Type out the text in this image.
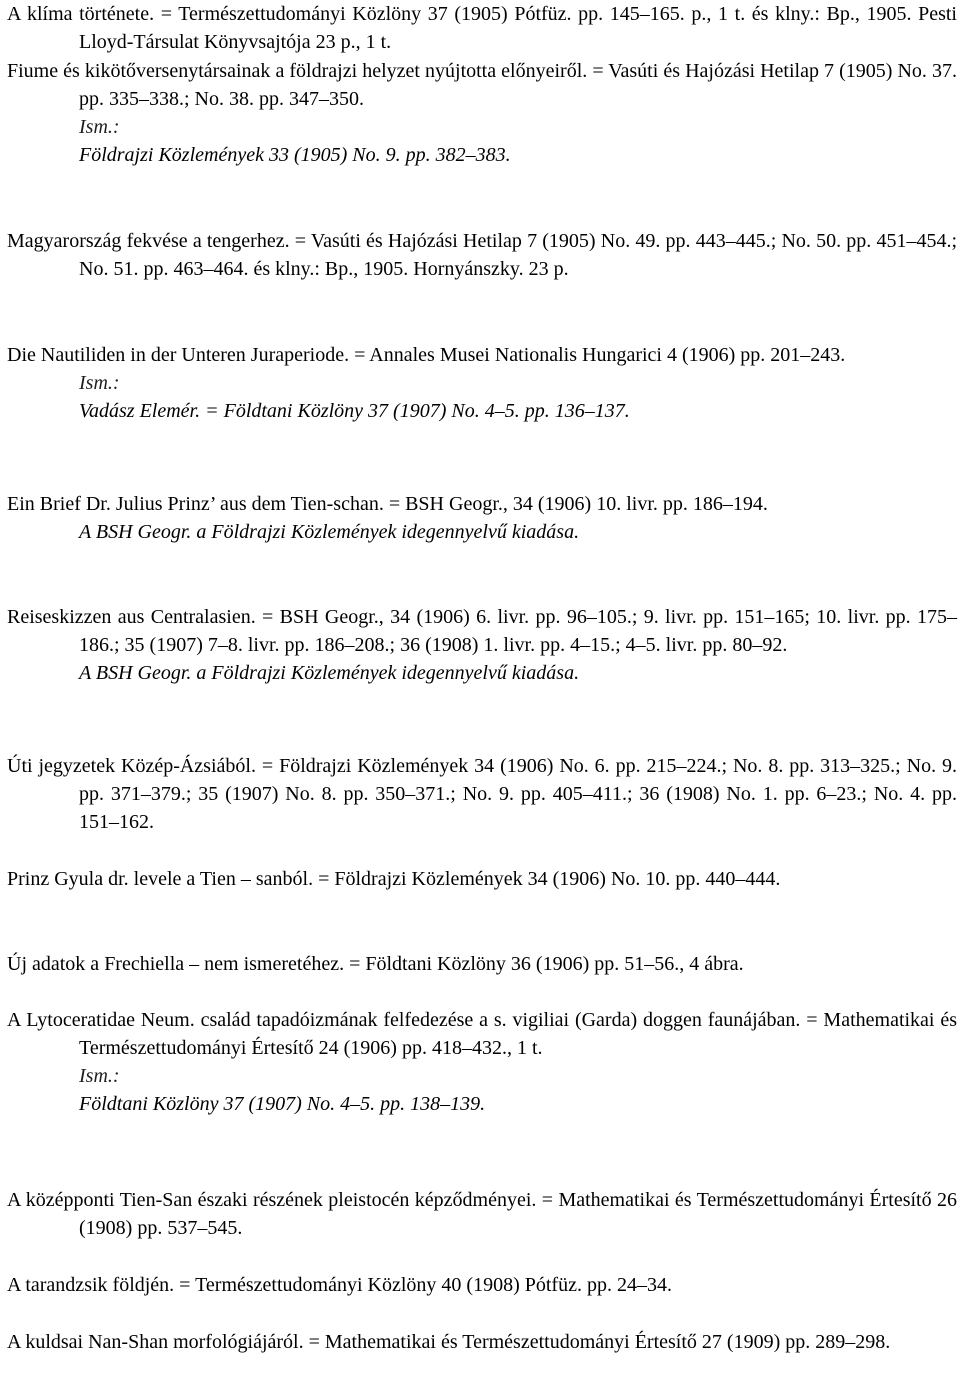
A klíma története. = Természettudományi Közlöny 37 (1905) Pótfüz. pp. 145–165. p., 1 t. és klny.: Bp., 1905. Pesti Lloyd-Társulat Könyvsajtója 23 p., 1 t.

Fiume és kikötőversenytársainak a földrajzi helyzet nyújtotta előnyeiről. = Vasúti és Hajózási Hetilap 7 (1905) No. 37. pp. 335–338.; No. 38. pp. 347–350.

Ism.:
Földrajzi Közlemények 33 (1905) No. 9. pp. 382–383.

Magyarország fekvése a tengerhez. = Vasúti és Hajózási Hetilap 7 (1905) No. 49. pp. 443–445.; No. 50. pp. 451–454.; No. 51. pp. 463–464. és klny.: Bp., 1905. Hornyánszky. 23 p.

Die Nautiliden in der Unteren Juraperiode. = Annales Musei Nationalis Hungarici 4 (1906) pp. 201–243.

Ism.:
Vadász Elemér. = Földtani Közlöny 37 (1907) No. 4–5. pp. 136–137.

Ein Brief Dr. Julius Prinz’ aus dem Tien-schan. = BSH Geogr., 34 (1906) 10. livr. pp. 186–194.

A BSH Geogr. a Földrajzi Közlemények idegennyelvű kiadása.

Reiseskizzen aus Centralasien. = BSH Geogr., 34 (1906) 6. livr. pp. 96–105.; 9. livr. pp. 151–165; 10. livr. pp. 175–186.; 35 (1907) 7–8. livr. pp. 186–208.; 36 (1908) 1. livr. pp. 4–15.; 4–5. livr. pp. 80–92.

A BSH Geogr. a Földrajzi Közlemények idegennyelvű kiadása.

Úti jegyzetek Közép-Ázsiából. = Földrajzi Közlemények 34 (1906) No. 6. pp. 215–224.; No. 8. pp. 313–325.; No. 9. pp. 371–379.; 35 (1907) No. 8. pp. 350–371.; No. 9. pp. 405–411.; 36 (1908) No. 1. pp. 6–23.; No. 4. pp. 151–162.

Prinz Gyula dr. levele a Tien – sanból. = Földrajzi Közlemények 34 (1906) No. 10. pp. 440–444.

Új adatok a Frechiella – nem ismeretéhez. = Földtani Közlöny 36 (1906) pp. 51–56., 4 ábra.

A Lytoceratidae Neum. család tapadóizmának felfedezése a s. vigiliai (Garda) doggen faunájában. = Mathematikai és Természettudományi Értesítő 24 (1906) pp. 418–432., 1 t.

Ism.:
Földtani Közlöny 37 (1907) No. 4–5. pp. 138–139.

A középponti Tien-San északi részének pleistocén képződményei. = Mathematikai és Természettudományi Értesítő 26 (1908) pp. 537–545.

A tarandzsik földjén. = Természettudományi Közlöny 40 (1908) Pótfüz. pp. 24–34.

A kuldsai Nan-Shan morfológiájáról. = Mathematikai és Természettudományi Értesítő 27 (1909) pp. 289–298.
